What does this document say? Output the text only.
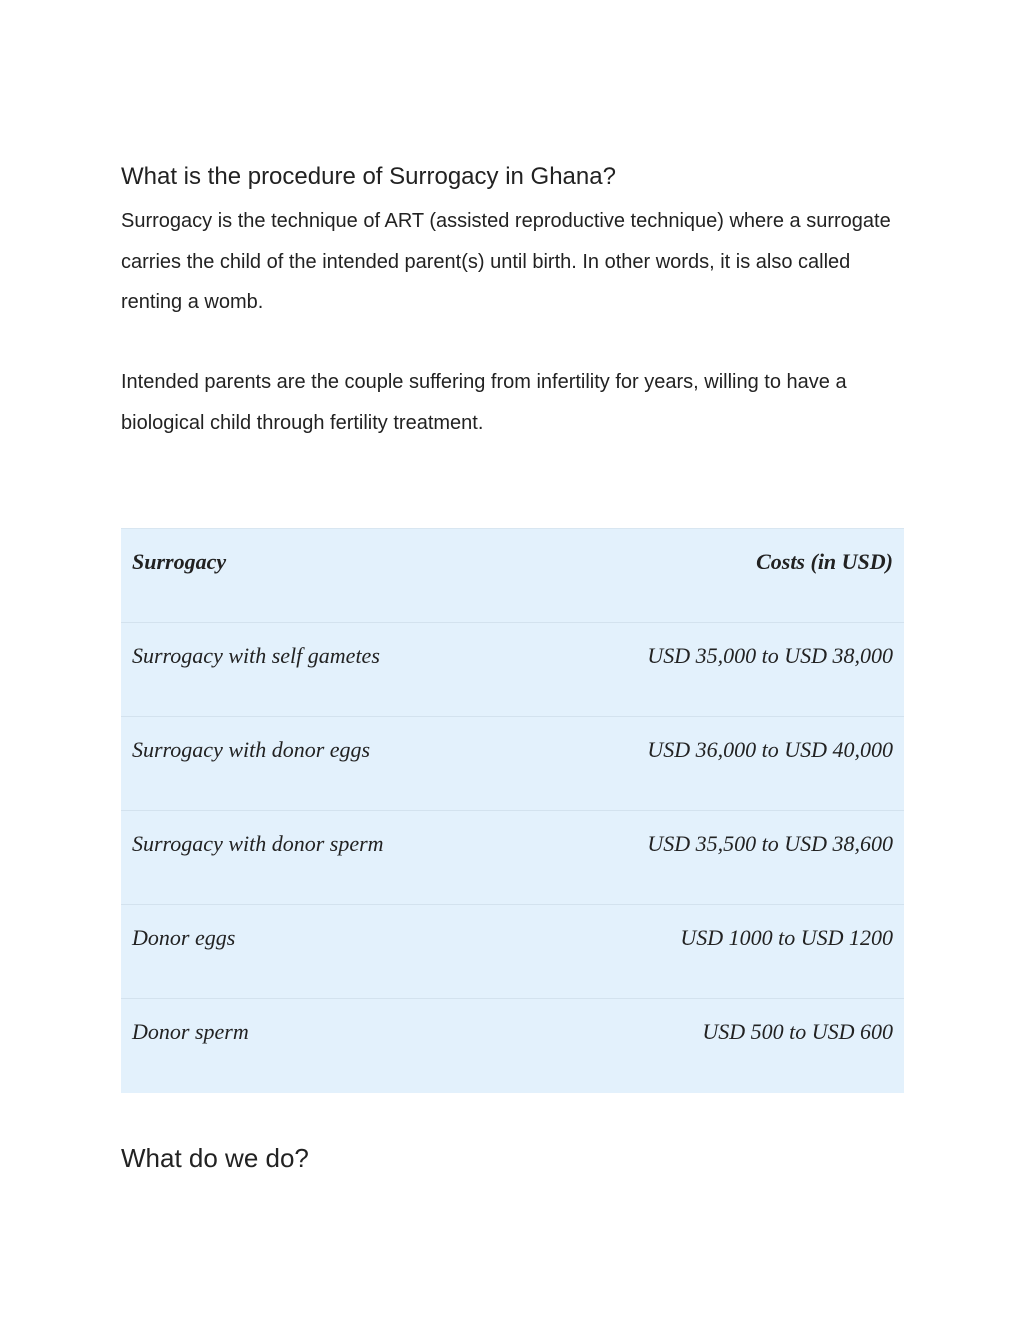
What is the procedure of Surrogacy in Ghana?

Surrogacy is the technique of ART (assisted reproductive technique) where a surrogate carries the child of the intended parent(s) until birth. In other words, it is also called renting a womb.

Intended parents are the couple suffering from infertility for years, willing to have a biological child through fertility treatment.

Surrogacy	Costs (in USD)
Surrogacy with self gametes	USD 35,000 to USD 38,000
Surrogacy with donor eggs	USD 36,000 to USD 40,000
Surrogacy with donor sperm	USD 35,500 to USD 38,600
Donor eggs	USD 1000 to USD 1200
Donor sperm	USD 500 to USD 600
What do we do?
